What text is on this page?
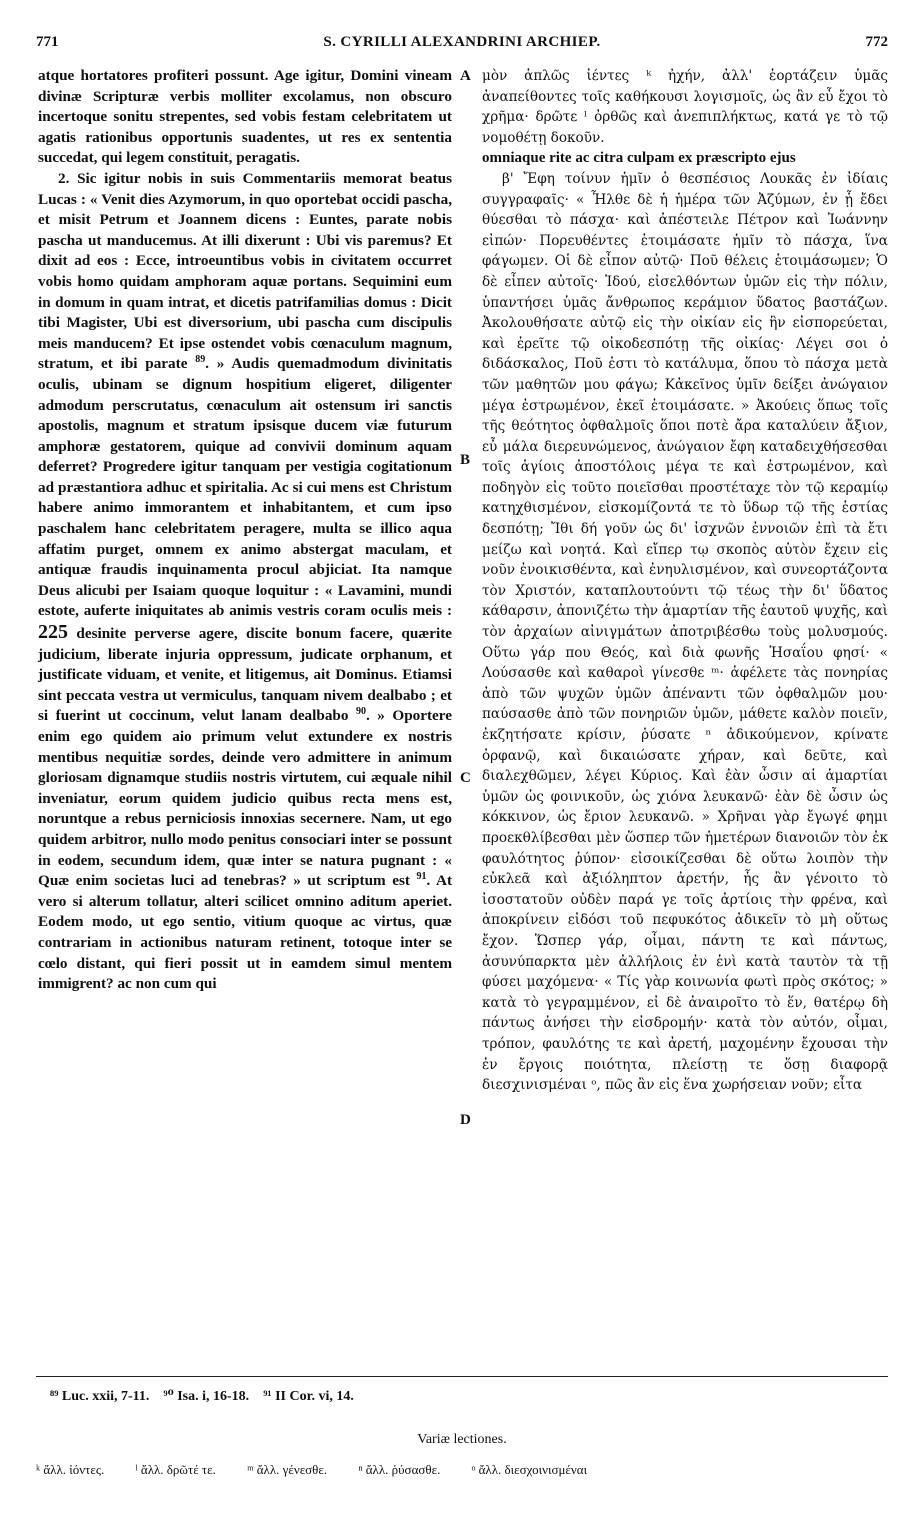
771	S. CYRILLI ALEXANDRINI ARCHIEP.	772

atque hortatores profiteri possunt. Age igitur, Domini vineam divinæ Scripturæ verbis molliter excolamus, non obscuro incertoque sonitu strepentes, sed vobis festam celebritatem ut agatis rationibus opportunis suadentes, ut res ex sententia succedat, qui legem constituit, peragatis.

2. Sic igitur nobis in suis Commentariis memorat beatus Lucas : « Venit dies Azymorum, in quo oportebat occidi pascha, et misit Petrum et Joannem dicens : Euntes, parate nobis pascha ut manducemus. At illi dixerunt : Ubi vis paremus? Et dixit ad eos : Ecce, introeuntibus vobis in civitatem occurret vobis homo quidam amphoram aquæ portans. Sequimini eum in domum in quam intrat, et dicetis patrifamilias domus : Dicit tibi Magister, Ubi est diversorium, ubi pascha cum discipulis meis manducem? Et ipse ostendet vobis cœnaculum magnum, stratum, et ibi parate $^{89}$. » Audis quemadmodum divinitatis oculis, ubinam se dignum hospitium eligeret, diligenter admodum perscrutatus, cœnaculum ait ostensum iri sanctis apostolis, magnum et stratum ipsisque ducem viæ futurum amphoræ gestatorem, quique ad convivii dominum aquam deferret? Progredere igitur tanquam per vestigia cogitationum ad præstantiora adhuc et spiritalia. Ac si cui mens est Christum habere animo immorantem et inhabitantem, et cum ipso paschalem hanc celebritatem peragere, multa se illico aqua affatim purget, omnem ex animo abstergat maculam, et antiquæ fraudis inquinamenta procul abjiciat. Ita namque Deus alicubi per Isaiam quoque loquitur : « Lavamini, mundi estote, auferte iniquitates ab animis vestris coram oculis meis : 225 desinite perverse agere, discite bonum facere, quærite judicium, liberate injuria oppressum, judicate orphanum, et justificate viduam, et venite, et litigemus, ait Dominus. Etiamsi sint peccata vestra ut vermiculus, tanquam nivem dealbabo ; et si fuerint ut coccinum, velut lanam dealbabo $^{90}$. » Oportere enim ego quidem aio primum velut extundere ex nostris mentibus nequitiæ sordes, deinde vero admittere in animum gloriosam dignamque studiis nostris virtutem, cui æquale nihil inveniatur, eorum quidem judicio quibus recta mens est, noruntque a rebus perniciosis innoxias secernere. Nam, ut ego quidem arbitror, nullo modo penitus consociari inter se possunt in eodem, secundum idem, quæ inter se natura pugnant : « Quæ enim societas luci ad tenebras? » ut scriptum est $^{91}$. At vero si alterum tollatur, alteri scilicet omnino aditum aperiet. Eodem modo, ut ego sentio, vitium quoque ac virtus, quæ contrariam in actionibus naturam retinent, totoque inter se cœlo distant, qui fieri possit ut in eamdem simul mentem immigrent? ac non cum qui

A
B
C
D

μὸν ἁπλῶς ἰέντες ᵏ ἠχήν, ἀλλ' ἑορτάζειν ὑμᾶς ἀναπείθοντες τοῖς καθήκουσι λογισμοῖς, ὡς ἂν εὖ ἔχοι τὸ χρῆμα· δρῶτε ˡ ὀρθῶς καὶ ἀνεπιπλήκτως, κατά γε τὸ τῷ νομοθέτῃ δοκοῦν.

omniaque rite ac citra culpam ex præscripto ejus

β' Ἔφη τοίνυν ἡμῖν ὁ θεσπέσιος Λουκᾶς ἐν ἰδίαις συγγραφαῖς· « Ἦλθε δὲ ἡ ἡμέρα τῶν Ἀζύμων, ἐν ᾗ ἔδει θύεσθαι τὸ πάσχα· καὶ ἀπέστειλε Πέτρον καὶ Ἰωάννην εἰπών· Πορευθέντες ἑτοιμάσατε ἡμῖν τὸ πάσχα, ἵνα φάγωμεν. Οἱ δὲ εἶπον αὐτῷ· Ποῦ θέλεις ἑτοιμάσωμεν; Ὁ δὲ εἶπεν αὐτοῖς· Ἰδού, εἰσελθόντων ὑμῶν εἰς τὴν πόλιν, ὑπαντήσει ὑμᾶς ἄνθρωπος κεράμιον ὕδατος βαστάζων. Ἀκολουθήσατε αὐτῷ εἰς τὴν οἰκίαν εἰς ἣν εἰσπορεύεται, καὶ ἐρεῖτε τῷ οἰκοδεσπότῃ τῆς οἰκίας· Λέγει σοι ὁ διδάσκαλος, Ποῦ ἐστι τὸ κατάλυμα, ὅπου τὸ πάσχα μετὰ τῶν μαθητῶν μου φάγω; Κἀκεῖνος ὑμῖν δείξει ἀνώγαιον μέγα ἐστρωμένον, ἐκεῖ ἑτοιμάσατε. » Ἀκούεις ὅπως τοῖς τῆς θεότητος ὀφθαλμοῖς ὅποι ποτὲ ἄρα καταλύειν ἄξιον, εὖ μάλα διερευνώμενος, ἀνώγαιον ἔφη καταδειχθήσεσθαι τοῖς ἁγίοις ἀποστόλοις μέγα τε καὶ ἐστρωμένον, καὶ ποδηγὸν εἰς τοῦτο ποιεῖσθαι προστέταχε τὸν τῷ κεραμίῳ κατηχθισμένον, εἰσκομίζοντά τε τὸ ὕδωρ τῷ τῆς ἑστίας δεσπότῃ; Ἴθι δή γοῦν ὡς δι' ἰσχνῶν ἐννοιῶν ἐπὶ τὰ ἔτι μείζω καὶ νοητά. Καὶ εἴπερ τῳ σκοπὸς αὐτὸν ἔχειν εἰς νοῦν ἐνοικισθέντα, καὶ ἐνηυλισμένον, καὶ συνεορτάζοντα τὸν Χριστόν, καταπλουτούντι τῷ τέως τὴν δι' ὕδατος κάθαρσιν, ἀπονιζέτω τὴν ἁμαρτίαν τῆς ἑαυτοῦ ψυχῆς, καὶ τὸν ἀρχαίων αἰνιγμάτων ἀποτριβέσθω τοὺς μολυσμούς. Οὕτω γάρ που Θεός, καὶ διὰ φωνῆς Ἡσαΐου φησί· « Λούσασθε καὶ καθαροὶ γίνεσθε ᵐ· ἀφέλετε τὰς πονηρίας ἀπὸ τῶν ψυχῶν ὑμῶν ἀπέναντι τῶν ὀφθαλμῶν μου· παύσασθε ἀπὸ τῶν πονηριῶν ὑμῶν, μάθετε καλὸν ποιεῖν, ἐκζητήσατε κρίσιν, ῥύσατε ⁿ ἀδικούμενον, κρίνατε ὀρφανῷ, καὶ δικαιώσατε χήραν, καὶ δεῦτε, καὶ διαλεχθῶμεν, λέγει Κύριος. Καὶ ἐὰν ὦσιν αἱ ἁμαρτίαι ὑμῶν ὡς φοινικοῦν, ὡς χιόνα λευκανῶ· ἐὰν δὲ ὦσιν ὡς κόκκινον, ὡς ἔριον λευκανῶ. » Χρῆναι γὰρ ἔγωγέ φημι προεκθλίβεσθαι μὲν ὥσπερ τῶν ἡμετέρων διανοιῶν τὸν ἐκ φαυλότητος ῥύπον· εἰσοικίζεσθαι δὲ οὕτω λοιπὸν τὴν εὐκλεᾶ καὶ ἀξιόληπτον ἀρετήν, ἧς ἂν γένοιτο τὸ ἰσοστατοῦν οὐδὲν παρά γε τοῖς ἀρτίοις τὴν φρένα, καὶ ἀποκρίνειν εἰδόσι τοῦ πεφυκότος ἀδικεῖν τὸ μὴ οὕτως ἔχον. Ὥσπερ γάρ, οἶμαι, πάντη τε καὶ πάντως, ἀσυνύπαρκτα μὲν ἀλλήλοις ἐν ἑνὶ κατὰ ταυτὸν τὰ τῇ φύσει μαχόμενα· « Τίς γὰρ κοινωνία φωτὶ πρὸς σκότος; » κατὰ τὸ γεγραμμένον, εἰ δὲ ἀναιροῖτο τὸ ἕν, θατέρῳ δὴ πάντως ἀνήσει τὴν εἰσδρομήν· κατὰ τὸν αὐτόν, οἶμαι, τρόπον, φαυλότης τε καὶ ἀρετή, μαχομένην ἔχουσαι τὴν ἐν ἔργοις ποιότητα, πλείστῃ τε ὅσῃ διαφορᾷ διεσχινισμέναι ᵒ, πῶς ἂν εἰς ἕνα χωρήσειαν νοῦν; εἶτα

⁸⁹ Luc. xxii, 7-11. ⁹⁰ Isa. i, 16-18. ⁹¹ II Cor. vi, 14.
Variæ lectiones.
ᵏ ἄλλ. ἰόντες. ˡ ἄλλ. δρῶτέ τε. ᵐ ἄλλ. γένεσθε. ⁿ ἄλλ. ῥύσασθε. ᵒ ἄλλ. διεσχοινισμέναι
